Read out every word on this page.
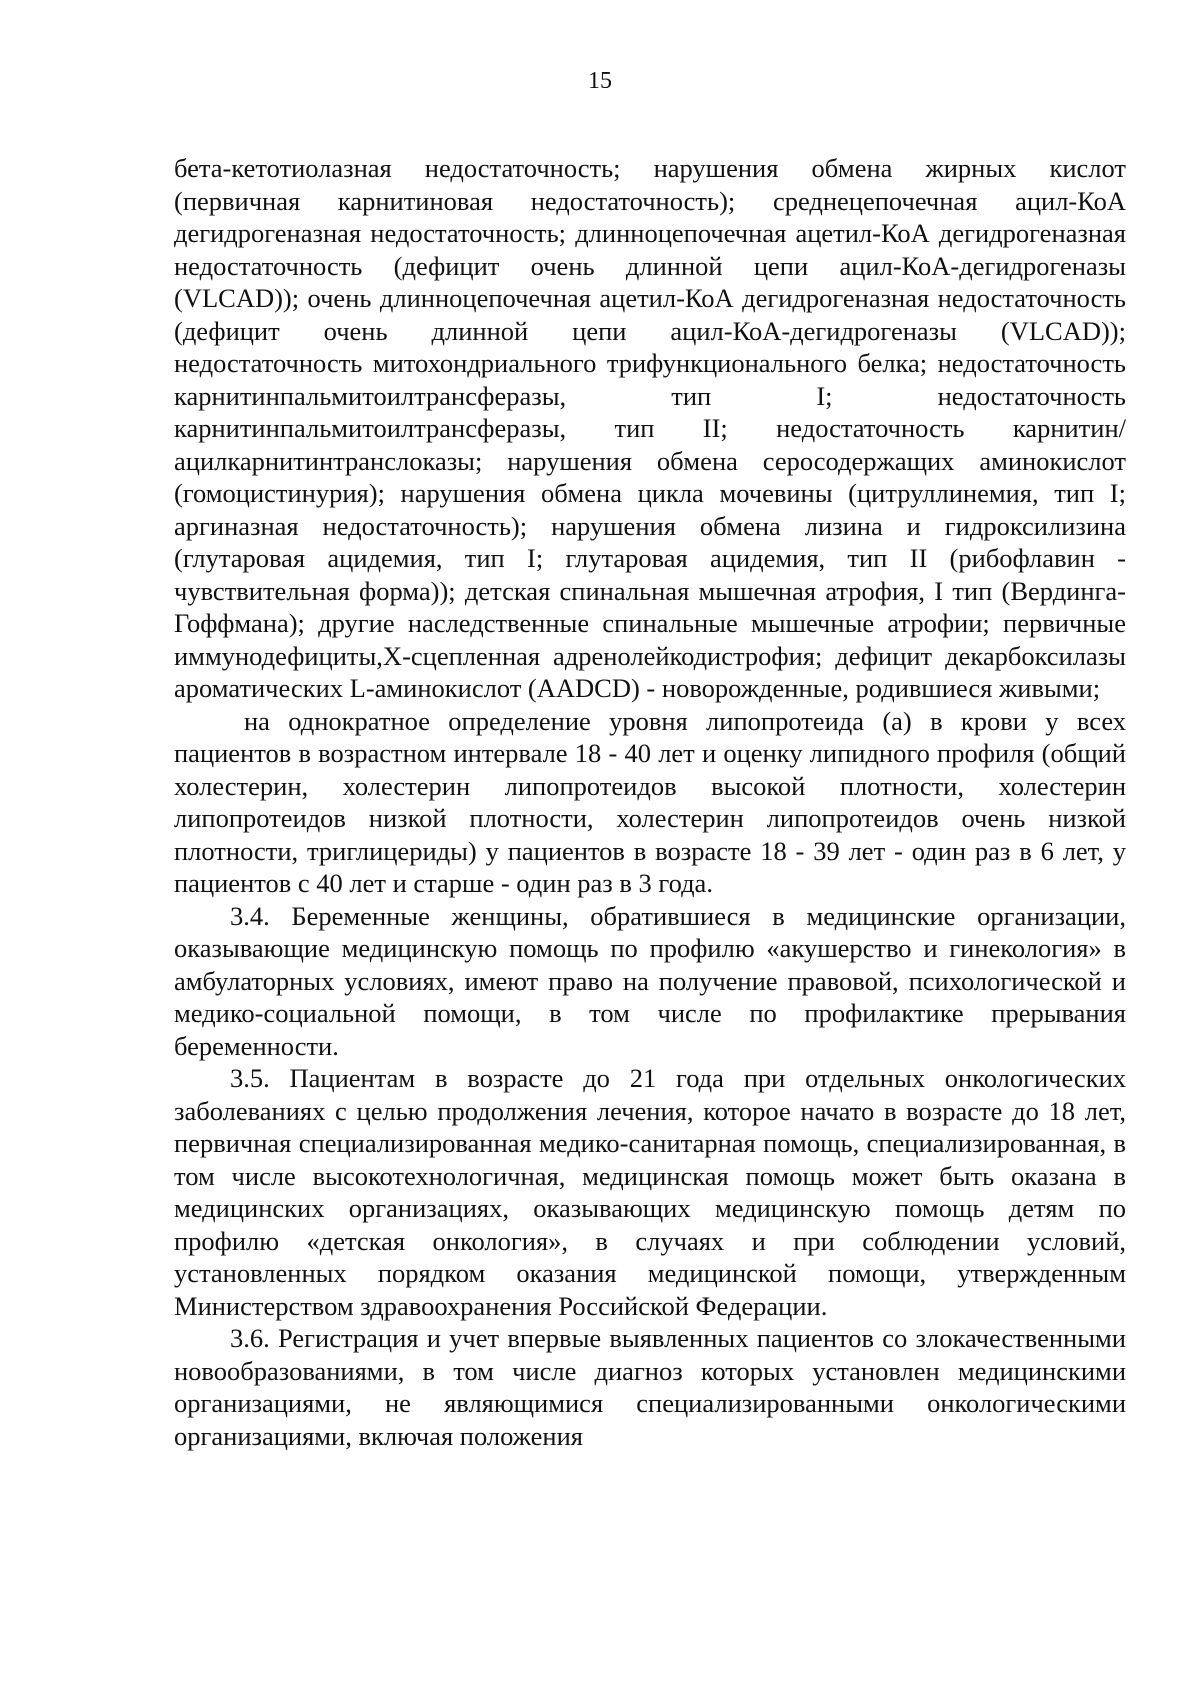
15

бета-кетотиолазная недостаточность; нарушения обмена жирных кислот (первичная карнитиновая недостаточность); среднецепочечная ацил-КоА дегидрогеназная недостаточность; длинноцепочечная ацетил-КоА дегидрогеназная недостаточность (дефицит очень длинной цепи ацил-КоА-дегидрогеназы (VLCAD)); очень длинноцепочечная ацетил-КоА дегидрогеназная недостаточность (дефицит очень длинной цепи ацил-КоА-дегидрогеназы (VLCAD)); недостаточность митохондриального трифункционального белка; недостаточность карнитинпальмитоилтрансферазы, тип I; недостаточность карнитинпальмитоилтрансферазы, тип II; недостаточность карнитин/ацилкарнитинтранслоказы; нарушения обмена серосодержащих аминокислот (гомоцистинурия); нарушения обмена цикла мочевины (цитруллинемия, тип I; аргиназная недостаточность); нарушения обмена лизина и гидроксилизина (глутаровая ацидемия, тип I; глутаровая ацидемия, тип II (рибофлавин - чувствительная форма)); детская спинальная мышечная атрофия, I тип (Вердинга-Гоффмана); другие наследственные спинальные мышечные атрофии; первичные иммунодефициты,Х-сцепленная адренолейкодистрофия; дефицит декарбоксилазы ароматических L-аминокислот (AADCD) - новорожденные, родившиеся живыми;

на однократное определение уровня липопротеида (а) в крови у всех пациентов в возрастном интервале 18 - 40 лет и оценку липидного профиля (общий холестерин, холестерин липопротеидов высокой плотности, холестерин липопротеидов низкой плотности, холестерин липопротеидов очень низкой плотности, триглицериды) у пациентов в возрасте 18 - 39 лет - один раз в 6 лет, у пациентов с 40 лет и старше - один раз в 3 года.

3.4. Беременные женщины, обратившиеся в медицинские организации, оказывающие медицинскую помощь по профилю «акушерство и гинекология» в амбулаторных условиях, имеют право на получение правовой, психологической и медико-социальной помощи, в том числе по профилактике прерывания беременности.

3.5. Пациентам в возрасте до 21 года при отдельных онкологических заболеваниях с целью продолжения лечения, которое начато в возрасте до 18 лет, первичная специализированная медико-санитарная помощь, специализированная, в том числе высокотехнологичная, медицинская помощь может быть оказана в медицинских организациях, оказывающих медицинскую помощь детям по профилю «детская онкология», в случаях и при соблюдении условий, установленных порядком оказания медицинской помощи, утвержденным Министерством здравоохранения Российской Федерации.

3.6. Регистрация и учет впервые выявленных пациентов со злокачественными новообразованиями, в том числе диагноз которых установлен медицинскими организациями, не являющимися специализированными онкологическими организациями, включая положения
